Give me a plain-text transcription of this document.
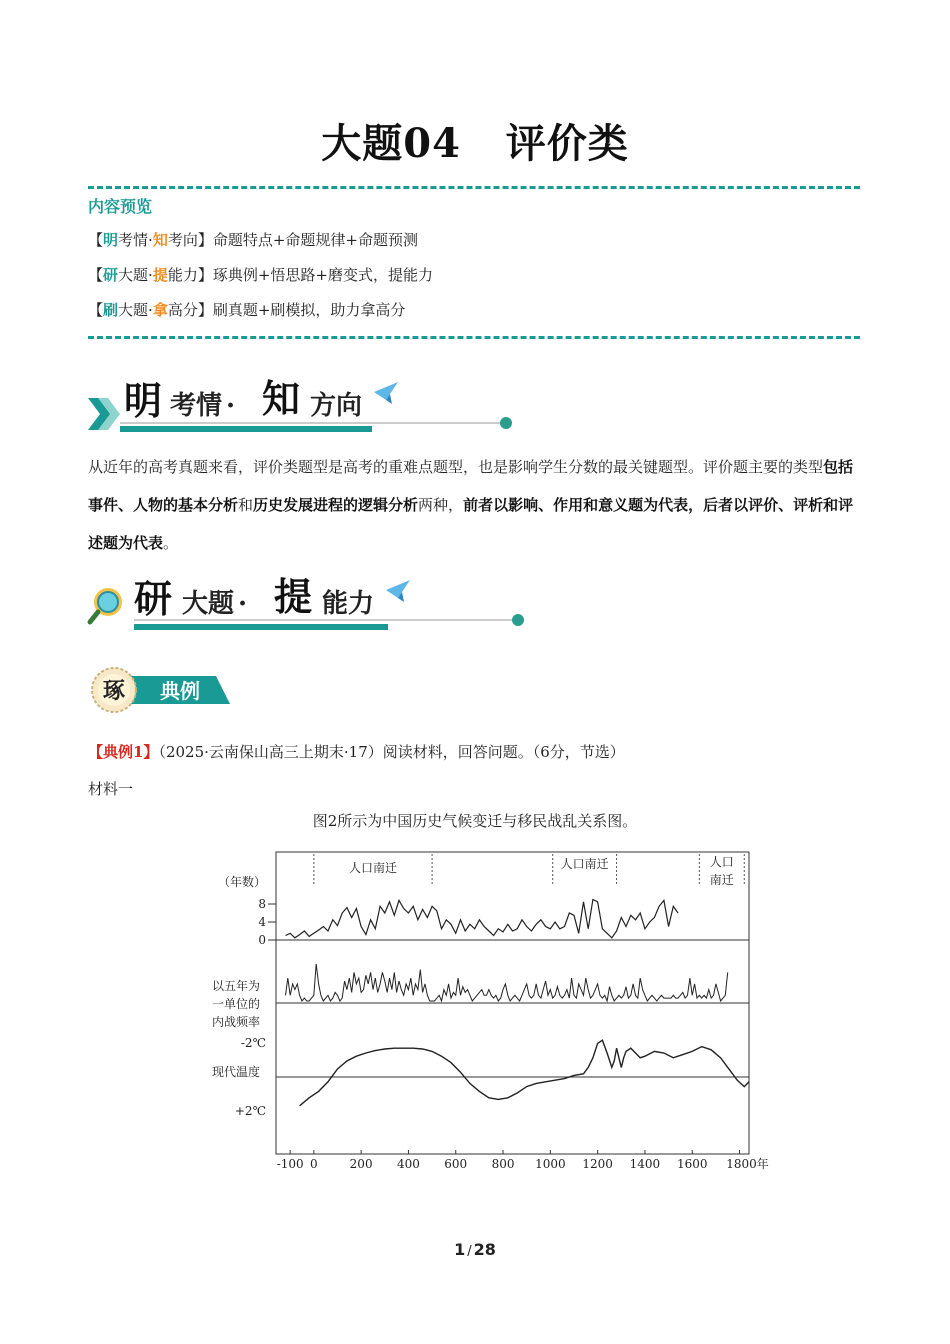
大题04   评价类
内容预览
【明考情·知考向】命题特点+命题规律+命题预测
【研大题·提能力】琢典例+悟思路+磨变式，提能力
【刷大题·拿高分】刷真题+刷模拟，助力拿高分
明 考情 · 知 方向
从近年的高考真题来看，评价类题型是高考的重难点题型，也是影响学生分数的最关键题型。评价题主要的类型包括事件、人物的基本分析和历史发展进程的逻辑分析两种，前者以影响、作用和意义题为代表，后者以评价、评析和评述题为代表。
研 大题 · 提 能力
琢 典例
【典例1】（2025·云南保山高三上期末·17）阅读材料，回答问题。（6分，节选）
材料一
图2所示为中国历史气候变迁与移民战乱关系图。
-100 0	200 400 600 800 1000 1200 1400 1600 1800年
人口南迁	人口南迁	人口
南迁
（年数）
8
4
0
以五年为
一单位的
内战频率
现代温度
-2℃
+2℃
1 / 28
